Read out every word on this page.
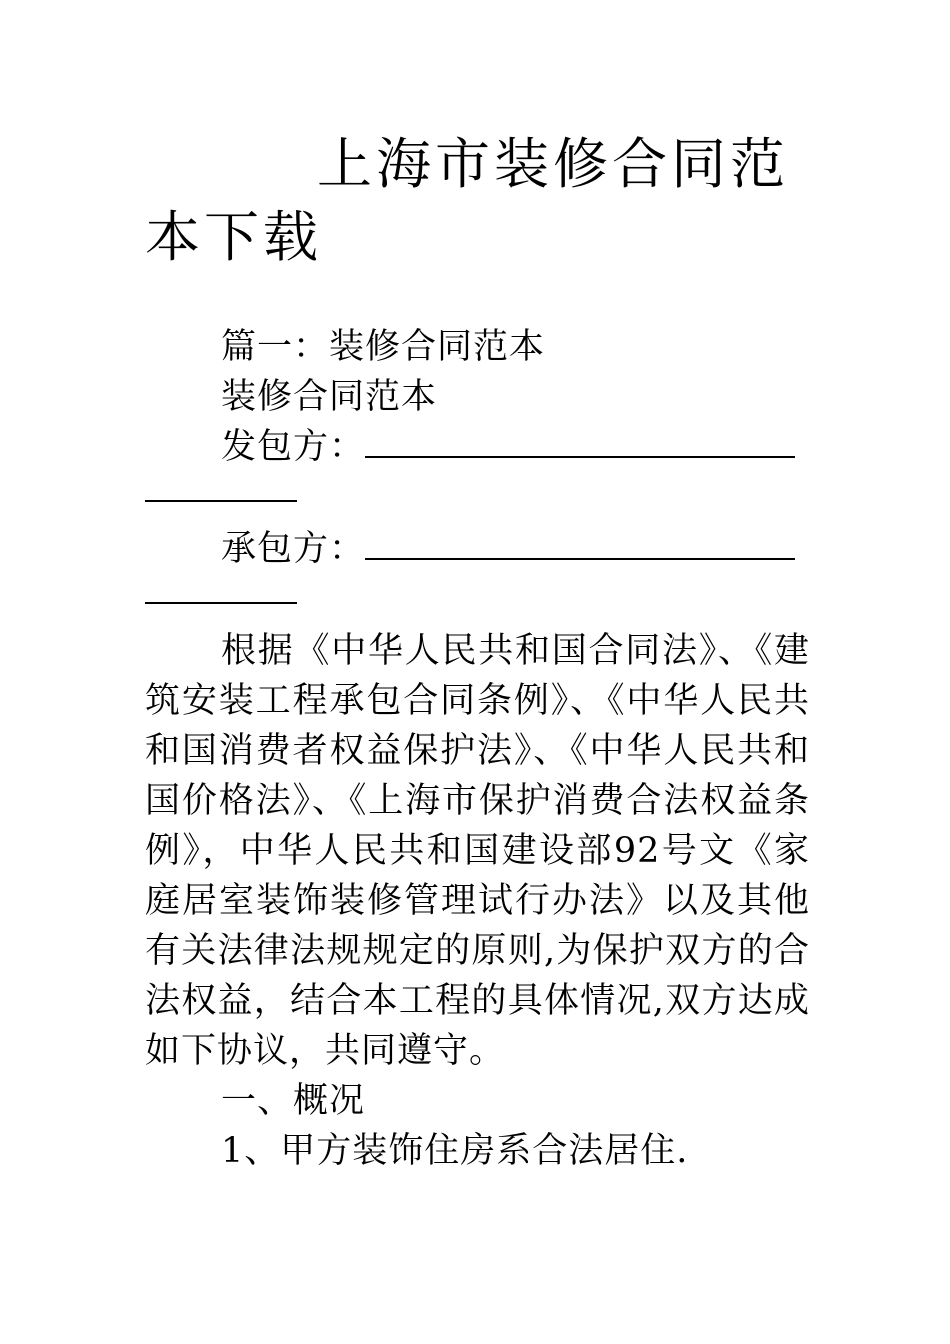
上海市装修合同范本下载
篇一：装修合同范本
装修合同范本
发包方：
承包方：

根据《中华人民共和国合同法》、《建筑安装工程承包合同条例》、《中华人民共和国消费者权益保护法》、《中华人民共和国价格法》、《上海市保护消费合法权益条例》，中华人民共和国建设部92号文《家庭居室装饰装修管理试行办法》以及其他有关法律法规规定的原则,为保护双方的合法权益，结合本工程的具体情况,双方达成如下协议，共同遵守。

一、概况
1、甲方装饰住房系合法居住.
